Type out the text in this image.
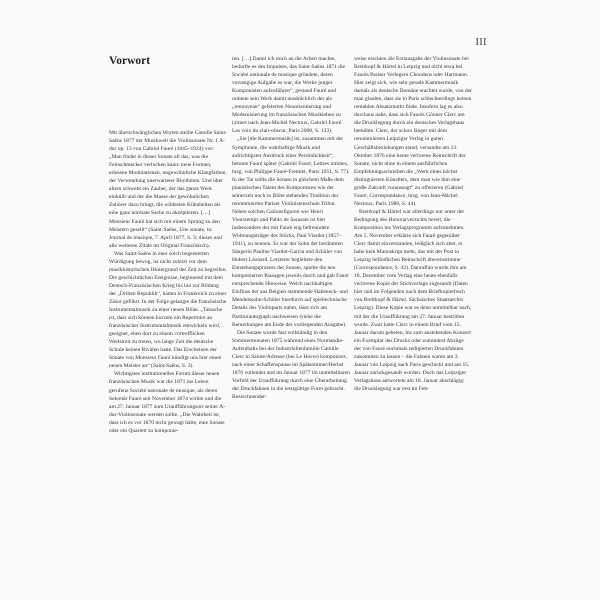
III
Vorwort

Mit überschwänglichen Worten stellte Camille Saint-Saëns 1877 der Musikwelt die Violinsonate Nr. 1 A-dur op. 13 von Gabriel Fauré (1845–1924) vor: „Man findet in dieser Sonate all das, was die Feinschmecker verlocken kann: neue Formen, erlesene Modulationen, ungewöhnliche Klangfarben, der Verwendung unerwarteter Rhythmen. Und über allem schwebt ein Zauber, der das ganze Werk einhüllt und der die Masse der gewöhnlichen Zuhörer dazu bringt, die wildesten Kühnheiten als eine ganz normale Sache zu akzeptieren. […] Monsieur Fauré hat sich mit einem Sprung zu den Meistern gesellt“ (Saint-Saëns, Une sonate, in: Journal de musique, 7. April 1877, S. 3; dieses und alle weiteren Zitate im Original Französisch).

Was Saint-Saëns in euer solch begeisterten Würdigung bewog, ist nicht zuletzt vor dem musikhistorischen Hintergrund der Zeit zu begreifen. Die geschichtlichen Ereignisse, beginnend mit dem Deutsch-Französischen Krieg bis hin zur Bildung der „Dritten Republik“, hatten in Frankreich zu einer Zäsur geführt. In der Folge gelangte die französische Instrumentalmusik zu einer neuen Blüte. „Tatsache ist, dass sich können kurzem ein Repertoire an französischer Instrumentalmusik entwickeln wird, geeignet, eben dort zu einem vortrefflichen Wettstreit zu treten, wo lange Zeit die deutsche Schule keinen Rivalen hatte. Das Erscheinen der Sonate von Monsieur Fauré kündigt uns hier einen neuen Meister an“ (Saint-Saëns, S. 3).

Wichtigstes institutionelles Forum dieser neuen französischen Musik war die 1871 ins Leben gerufene Société nationale de musique, als deren Sekretär Fauré seit November 1874 wirkte und die am 27. Januar 1877 zum Uraufführungsort seiner A-dur-Violinsonate werden sollte. „Die Wahrheit ist, dass ich es vor 1870 nicht gewagt hätte, eine Sonate oder ein Quartett zu komponie-

ren. […] Damit ich mich an die Arbeit machte, bedurfte es des Impulses, das Saint-Saëns 1871 die Société nationale de musique gründete, deren vorrangige Aufgabe es war, die Werke junger Komponisten aufzuführen“, gestand Fauré und ordnete sein Werk damit ausdrücklich der als „renouveau“ gefeierten Neuorientierung und Modernisierung im französischen Musikleben zu (zitiert nach Jean-Michel Nectoux, Gabriel Fauré. Les voix du clair-obscur, Paris 2008, S. 133).

„Sie [die Kammermusik] ist, zusammen mit der Symphonie, die wahrhaftige Musik und aufrichtigster Ausdruck einer Persönlichkeit“, betonte Fauré später (Gabriel Fauré, Lettres intimes, hrsg. von Philippe Fauré-Fremiet, Paris 1951, S. 77). In der Tat sollte die Sonate in gleichem Maße dem pianistischen Talent des Komponisten wie der seinerzeit noch in Blüte stehenden Tradition der renommierten Pariser Violinistenschule Tribut. Neben solchen Galionsfiguren wie Henri Vieuxtemps und Pablo de Sarasate ist hier insbesondere der mit Fauré eng befreundete Widmungsträger des Stücks, Paul Viardot (1857–1941), zu nennen. Er war der Sohn der berühmten Sängerin Pauline Viardot-Garcia und Schüler von Hubert Léonard. Letzterer begleitete den Entstehungsprozess der Sonate, spielte die neu komponierten Passagen jeweils durch und gab Fauré entsprechende Hinweise. Welch nachhaltigen Einfluss der aus Belgien stammende Habeneck- und Mendelssohn-Schüler hierdurch auf spieltechnische Details des Violinparts nahm, lässt sich am Partiturautograph nachweisen (siehe die Bemerkungen am Ende der vorliegenden Ausgabe).

Die Sonate wurde fast vollständig in den Sommermonaten 1875 während eines Normandie-Aufenthalts bei der Industriellenfamilie Camille Clerc in Sainte-Adresse (bei Le Havre) komponiert, nach einer Schaffenspause im Spätsommer/Herbst 1876 vollendet und im Januar 1877 im unmittelbaren Vorfeld der Uraufführung durch eine Überarbeitung der Druckfahnen in die letztgültige Form gebracht. Bezeichnender-

weise erschien die Erstausgabe der Violinsonate bei Breitkopf & Härtel in Leipzig und nicht etwa bei Faurés Pariser Verlegern Choudens oder Hartmann. Hier zeigt sich, wie sehr gerade Kammermusik damals als deutsche Domäne erachtet wurde, von der man glaubte, dass sie in Paris schlechterdings keinen rentablen Absatzmarkt finde. Insofern lag es also durchaus nahe, dass sich Faurés Gönner Clerc um die Drucklegung durch ein deutsches Verlagshaus bemühte. Clerc, der schon länger mit dem renommierten Leipziger Verlag in guten Geschäftsbeziehungen stand, versandte am 13. Oktober 1876 eine heute verlorene Reinschrift der Sonate, nicht ohne in einem ausführlichen Empfehlungsschreiben die „Werk eines höchst distinguierten Künstlers, dem man wie ihm eine große Zukunft voraussagt“ zu offerieren (Gabriel Fauré, Correspondance, hrsg. von Jean-Michel Nectoux, Paris 1980, S. 44).

Breitkopf & Härtel war allerdings nur unter der Bedingung des Honorarverzichts bereit, die Komposition ins Verlagsprogramm aufzunehmen. Am 5. November erklärte sich Fauré gegenüber Clerc damit einverstanden, lediglich sich aber, er habe kein Manuskript mehr, das mit der Post in Leipzig befindlichen Reinschrift übereinstimme (Correspondance, S. 43). Daraufhin wurde ihm am 18. Dezember vom Verlag eine heute ebenfalls verlorene Kopie der Stichvorlage zugesandt (Daten hier und im Folgenden nach dem Briefkopierbuch von Breitkopf & Härtel, Sächsisches Staatsarchiv Leipzig). Diese Kopie war es denn unmittelbar nach, mit der die Uraufführung am 27. Januar bestritten wurde. Zwar hatte Clerc in einem Brief vom 15. Januar darum gebeten, bis zum anstehenden Konzert ein Exemplar des Drucks oder zumindest Abzüge der von Fauré nochmals redigierten Druckfahnen zukommen zu lassen – die Fahnen waren am 3. Januar von Leipzig nach Paris geschickt und am 15. Januar zurückgesandt worden. Doch das Leipziger Verlagshaus antwortete am 18. Januar abschlägig: die Drucklegung war erst im Feb-
